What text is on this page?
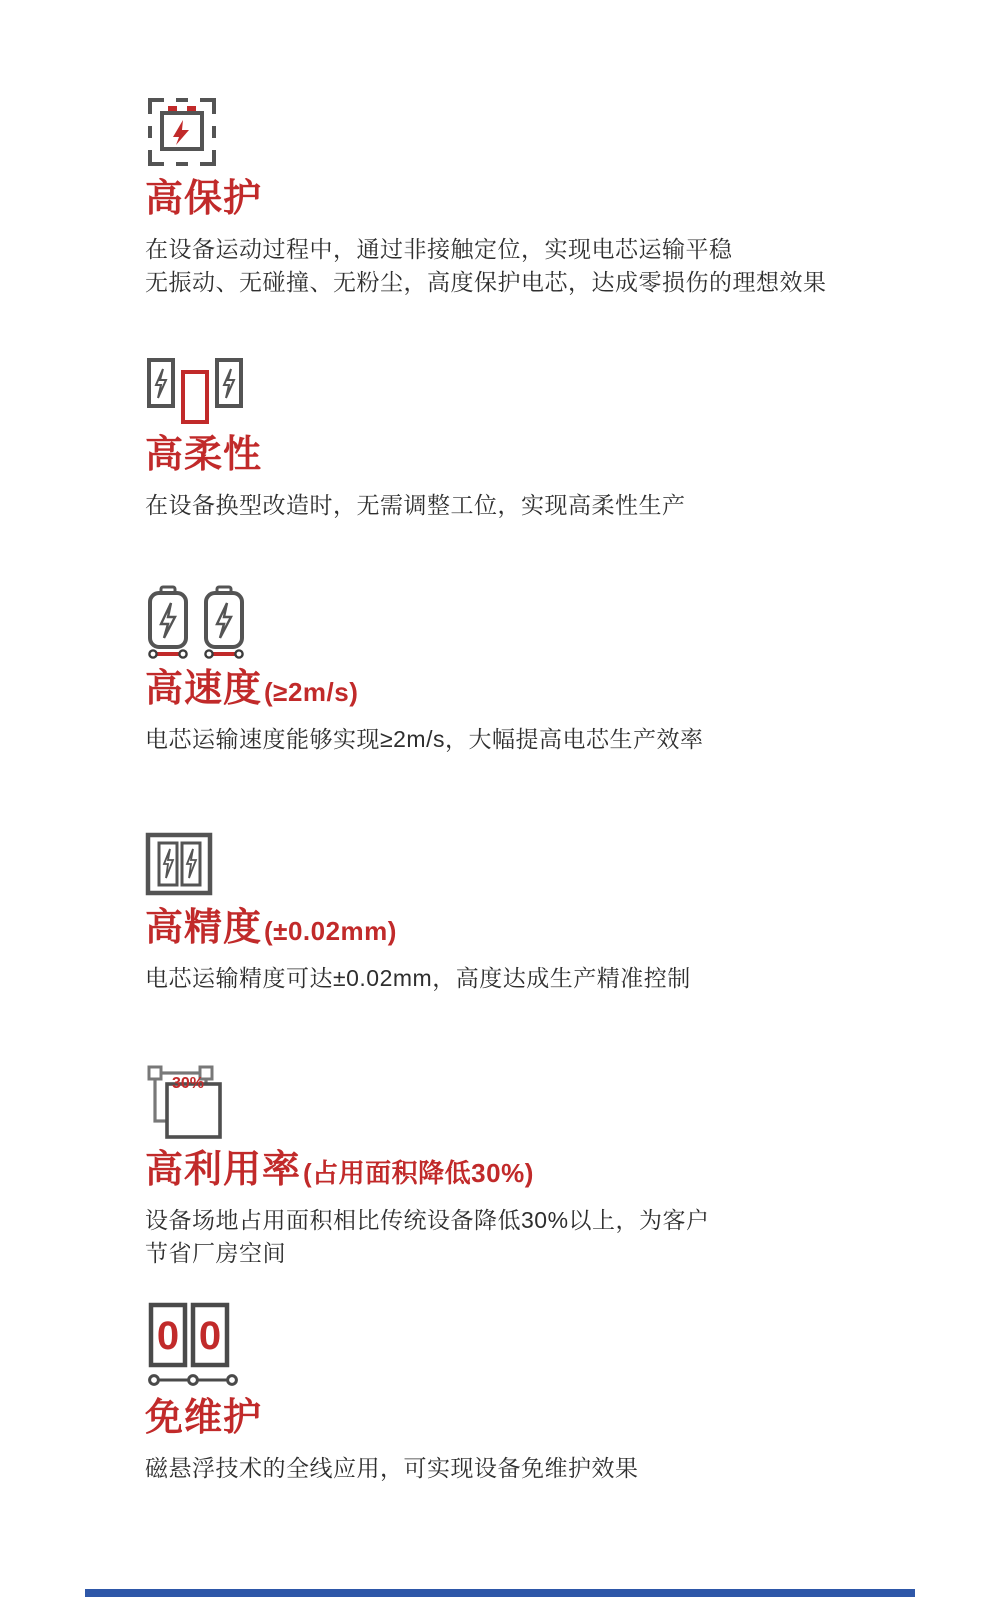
高保护
在设备运动过程中，通过非接触定位，实现电芯运输平稳
无振动、无碰撞、无粉尘，高度保护电芯，达成零损伤的理想效果
高柔性
在设备换型改造时，无需调整工位，实现高柔性生产
高速度 (≥2m/s)
电芯运输速度能够实现≥2m/s，大幅提高电芯生产效率
高精度 (±0.02mm)
电芯运输精度可达±0.02mm，高度达成生产精准控制
高利用率 (占用面积降低30%)
设备场地占用面积相比传统设备降低30%以上，为客户
节省厂房空间
0 0
免维护
磁悬浮技术的全线应用，可实现设备免维护效果
